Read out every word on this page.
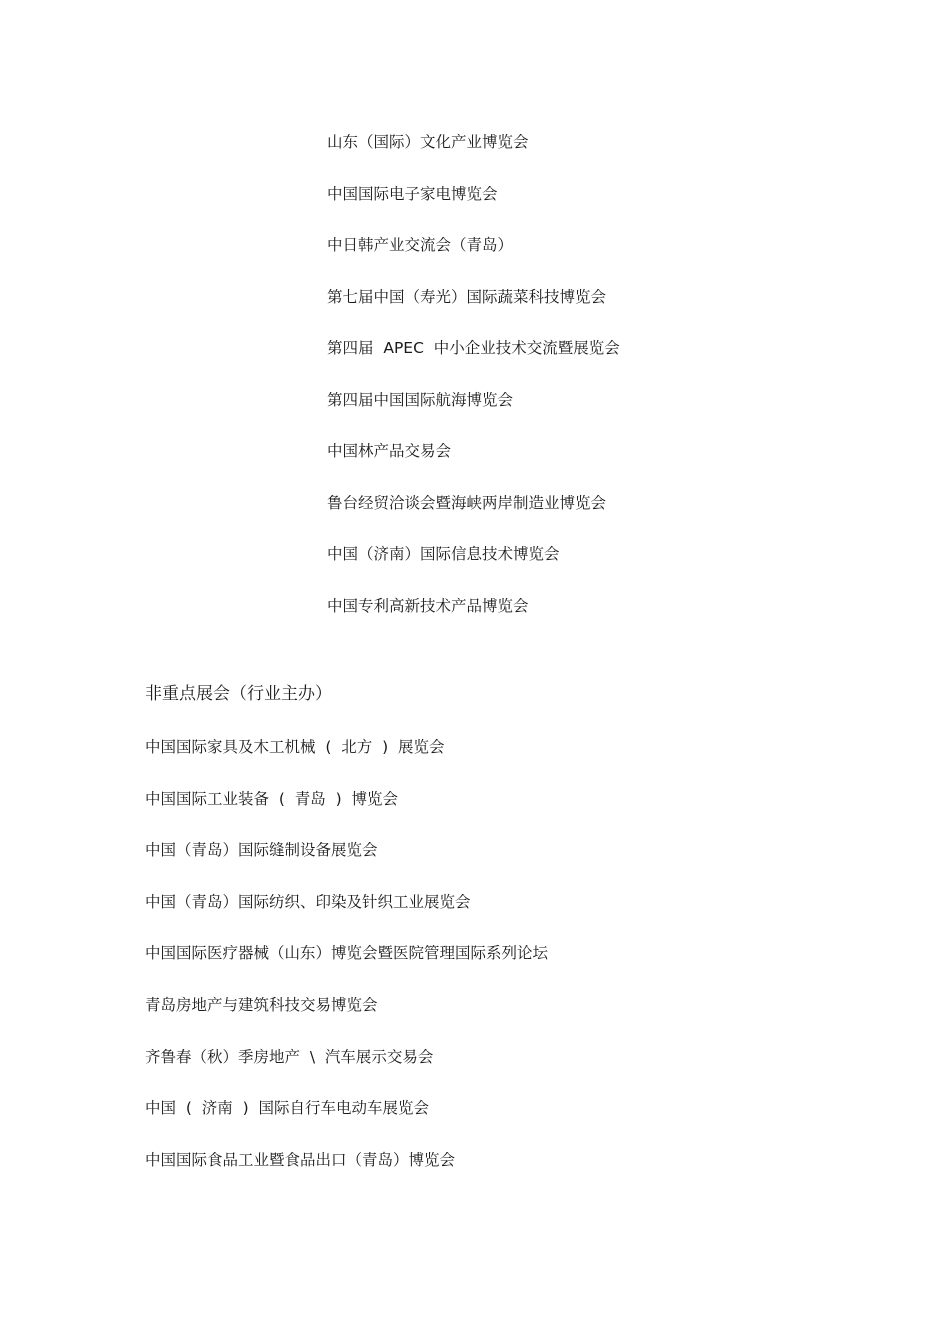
山东（国际）文化产业博览会
中国国际电子家电博览会
中日韩产业交流会（青岛）
第七届中国（寿光）国际蔬菜科技博览会
第四届  APEC  中小企业技术交流暨展览会
第四届中国国际航海博览会
中国林产品交易会
鲁台经贸洽谈会暨海峡两岸制造业博览会
中国（济南）国际信息技术博览会
中国专利高新技术产品博览会
非重点展会（行业主办）
中国国际家具及木工机械  (  北方  )  展览会
中国国际工业装备  (  青岛  )  博览会
中国（青岛）国际缝制设备展览会
中国（青岛）国际纺织、印染及针织工业展览会
中国国际医疗器械（山东）博览会暨医院管理国际系列论坛
青岛房地产与建筑科技交易博览会
齐鲁春（秋）季房地产  \  汽车展示交易会
中国  (  济南  )  国际自行车电动车展览会
中国国际食品工业暨食品出口（青岛）博览会
